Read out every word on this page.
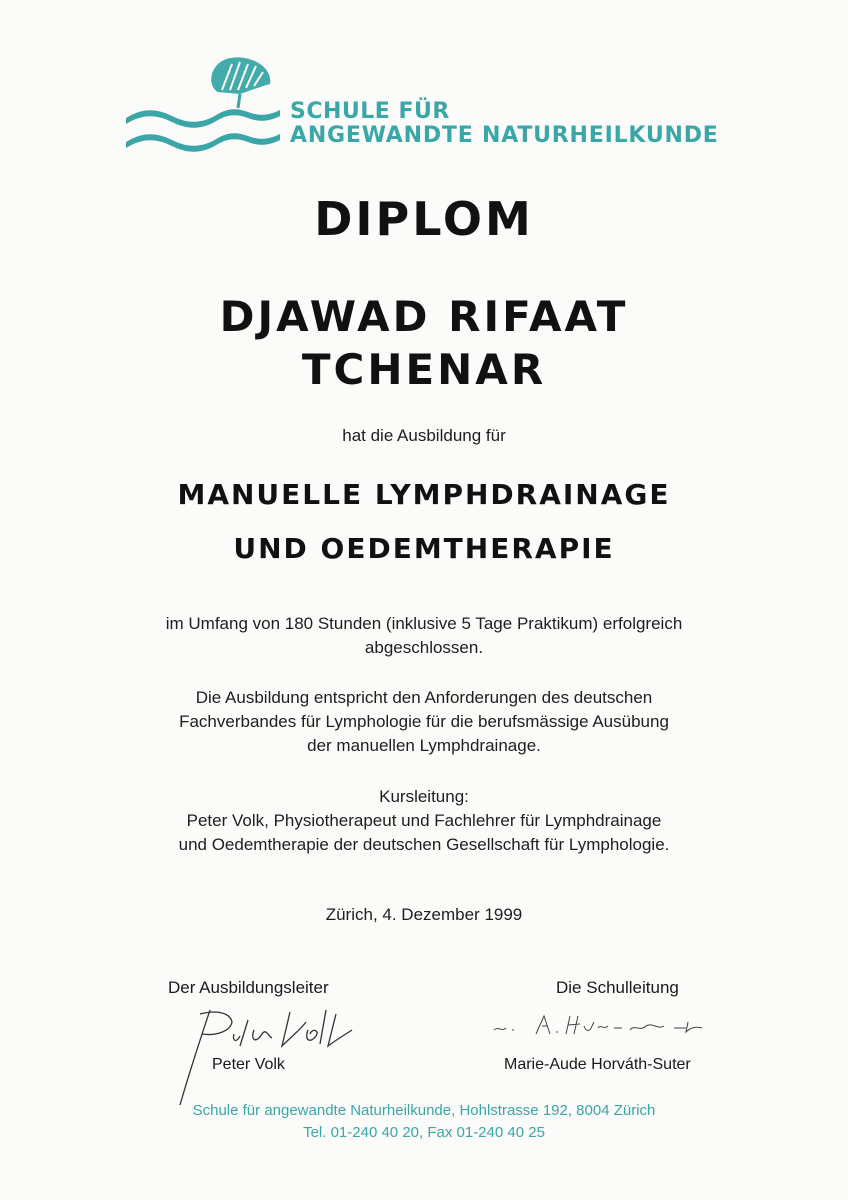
SCHULE FÜR
ANGEWANDTE NATURHEILKUNDE
DIPLOM
DJAWAD RIFAAT
TCHENAR
hat die Ausbildung für
MANUELLE LYMPHDRAINAGE
UND OEDEMTHERAPIE
im Umfang von 180 Stunden (inklusive 5 Tage Praktikum) erfolgreich
abgeschlossen.
Die Ausbildung entspricht den Anforderungen des deutschen
Fachverbandes für Lymphologie für die berufsmässige Ausübung
der manuellen Lymphdrainage.
Kursleitung:
Peter Volk, Physiotherapeut und Fachlehrer für Lymphdrainage
und Oedemtherapie der deutschen Gesellschaft für Lymphologie.
Zürich, 4. Dezember 1999
Der Ausbildungsleiter	Die Schulleitung
Peter Volk	Marie-Aude Horváth-Suter
Schule für angewandte Naturheilkunde, Hohlstrasse 192, 8004 Zürich
Tel. 01-240 40 20, Fax 01-240 40 25
